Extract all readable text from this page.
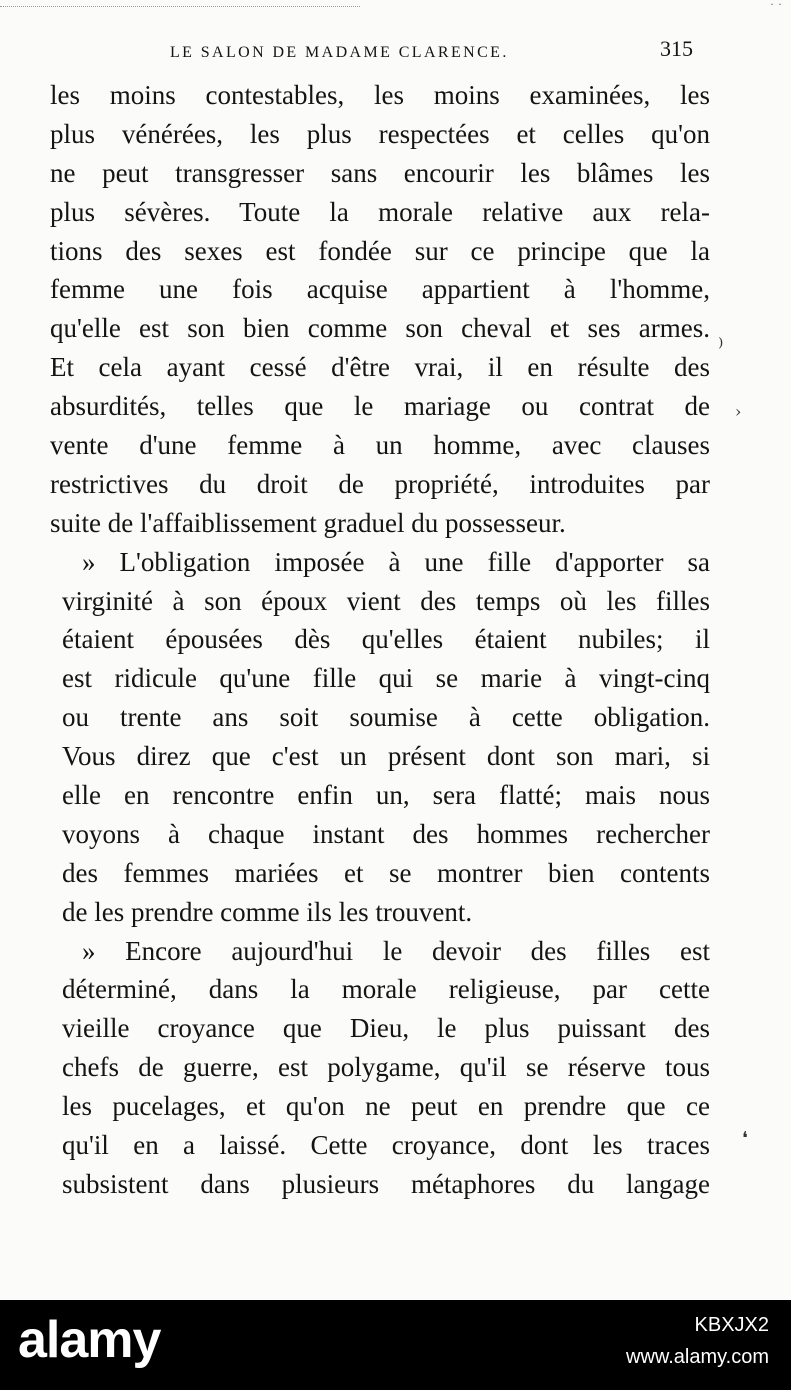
˙˙
LE SALON DE MADAME CLARENCE.	315
les moins contestables, les moins examinées, les
plus vénérées, les plus respectées et celles qu'on
ne peut transgresser sans encourir les blâmes les
plus sévères. Toute la morale relative aux rela-
tions des sexes est fondée sur ce principe que la
femme une fois acquise appartient à l'homme,
qu'elle est son bien comme son cheval et ses armes.
Et cela ayant cessé d'être vrai, il en résulte des
absurdités, telles que le mariage ou contrat de
vente d'une femme à un homme, avec clauses
restrictives du droit de propriété, introduites par
suite de l'affaiblissement graduel du possesseur.
» L'obligation imposée à une fille d'apporter sa
virginité à son époux vient des temps où les filles
étaient épousées dès qu'elles étaient nubiles; il
est ridicule qu'une fille qui se marie à vingt-cinq
ou trente ans soit soumise à cette obligation.
Vous direz que c'est un présent dont son mari, si
elle en rencontre enfin un, sera flatté; mais nous
voyons à chaque instant des hommes rechercher
des femmes mariées et se montrer bien contents
de les prendre comme ils les trouvent.
» Encore aujourd'hui le devoir des filles est
déterminé, dans la morale religieuse, par cette
vieille croyance que Dieu, le plus puissant des
chefs de guerre, est polygame, qu'il se réserve tous
les pucelages, et qu'on ne peut en prendre que ce
qu'il en a laissé. Cette croyance, dont les traces
subsistent dans plusieurs métaphores du langage
⁾
›
❛
alamy	KBXJX2
www.alamy.com
